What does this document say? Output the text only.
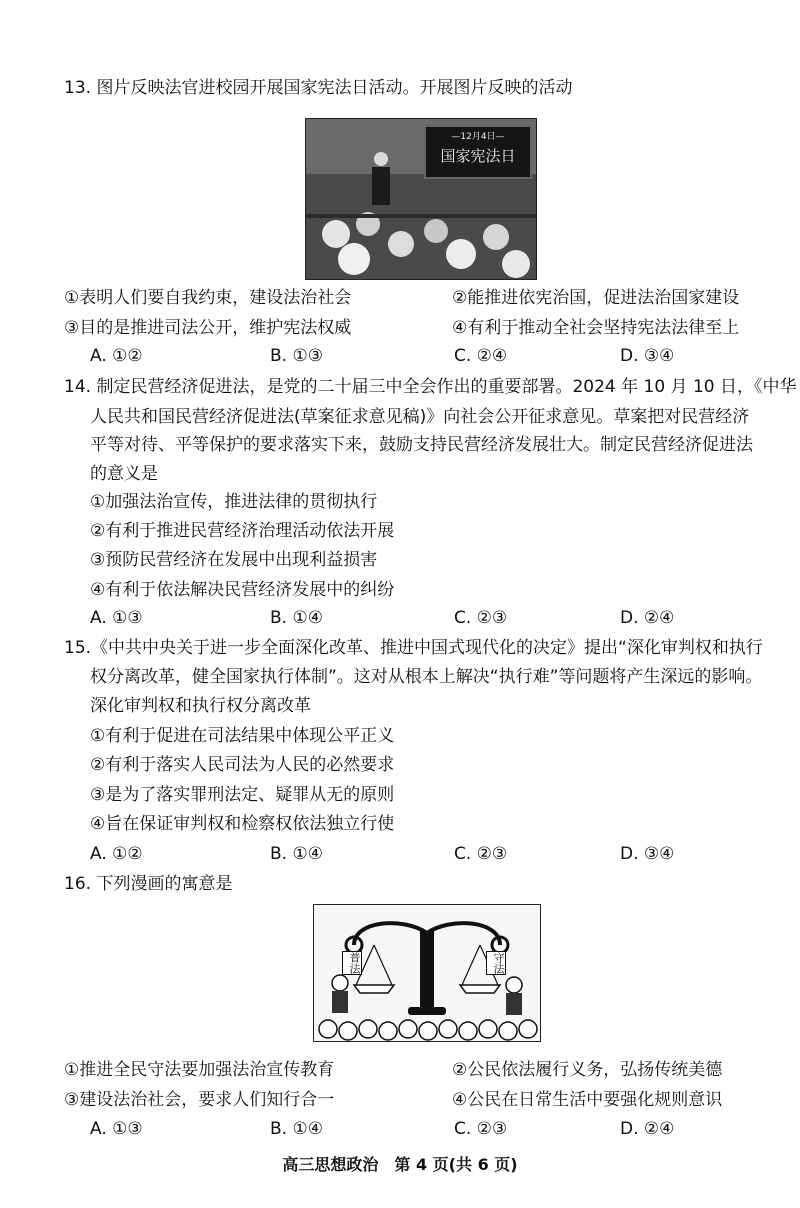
13. 图片反映法官进校园开展国家宪法日活动。开展图片反映的活动
—12月4日—
国家宪法日
①表明人们要自我约束，建设法治社会	②能推进依宪治国，促进法治国家建设
③目的是推进司法公开，维护宪法权威	④有利于推动全社会坚持宪法法律至上
A. ①②	B. ①③	C. ②④	D. ③④
14. 制定民营经济促进法，是党的二十届三中全会作出的重要部署。2024 年 10 月 10 日，《中华
人民共和国民营经济促进法(草案征求意见稿)》向社会公开征求意见。草案把对民营经济
平等对待、平等保护的要求落实下来，鼓励支持民营经济发展壮大。制定民营经济促进法
的意义是
①加强法治宣传，推进法律的贯彻执行
②有利于推进民营经济治理活动依法开展
③预防民营经济在发展中出现利益损害
④有利于依法解决民营经济发展中的纠纷
A. ①③	B. ①④	C. ②③	D. ②④
15.《中共中央关于进一步全面深化改革、推进中国式现代化的决定》提出“深化审判权和执行
权分离改革，健全国家执行体制”。这对从根本上解决“执行难”等问题将产生深远的影响。
深化审判权和执行权分离改革
①有利于促进在司法结果中体现公平正义
②有利于落实人民司法为人民的必然要求
③是为了落实罪刑法定、疑罪从无的原则
④旨在保证审判权和检察权依法独立行使
A. ①②	B. ①④	C. ②③	D. ③④
16. 下列漫画的寓意是
普法	守法
①推进全民守法要加强法治宣传教育	②公民依法履行义务，弘扬传统美德
③建设法治社会，要求人们知行合一	④公民在日常生活中要强化规则意识
A. ①③	B. ①④	C. ②③	D. ②④
高三思想政治　第 4 页(共 6 页)
